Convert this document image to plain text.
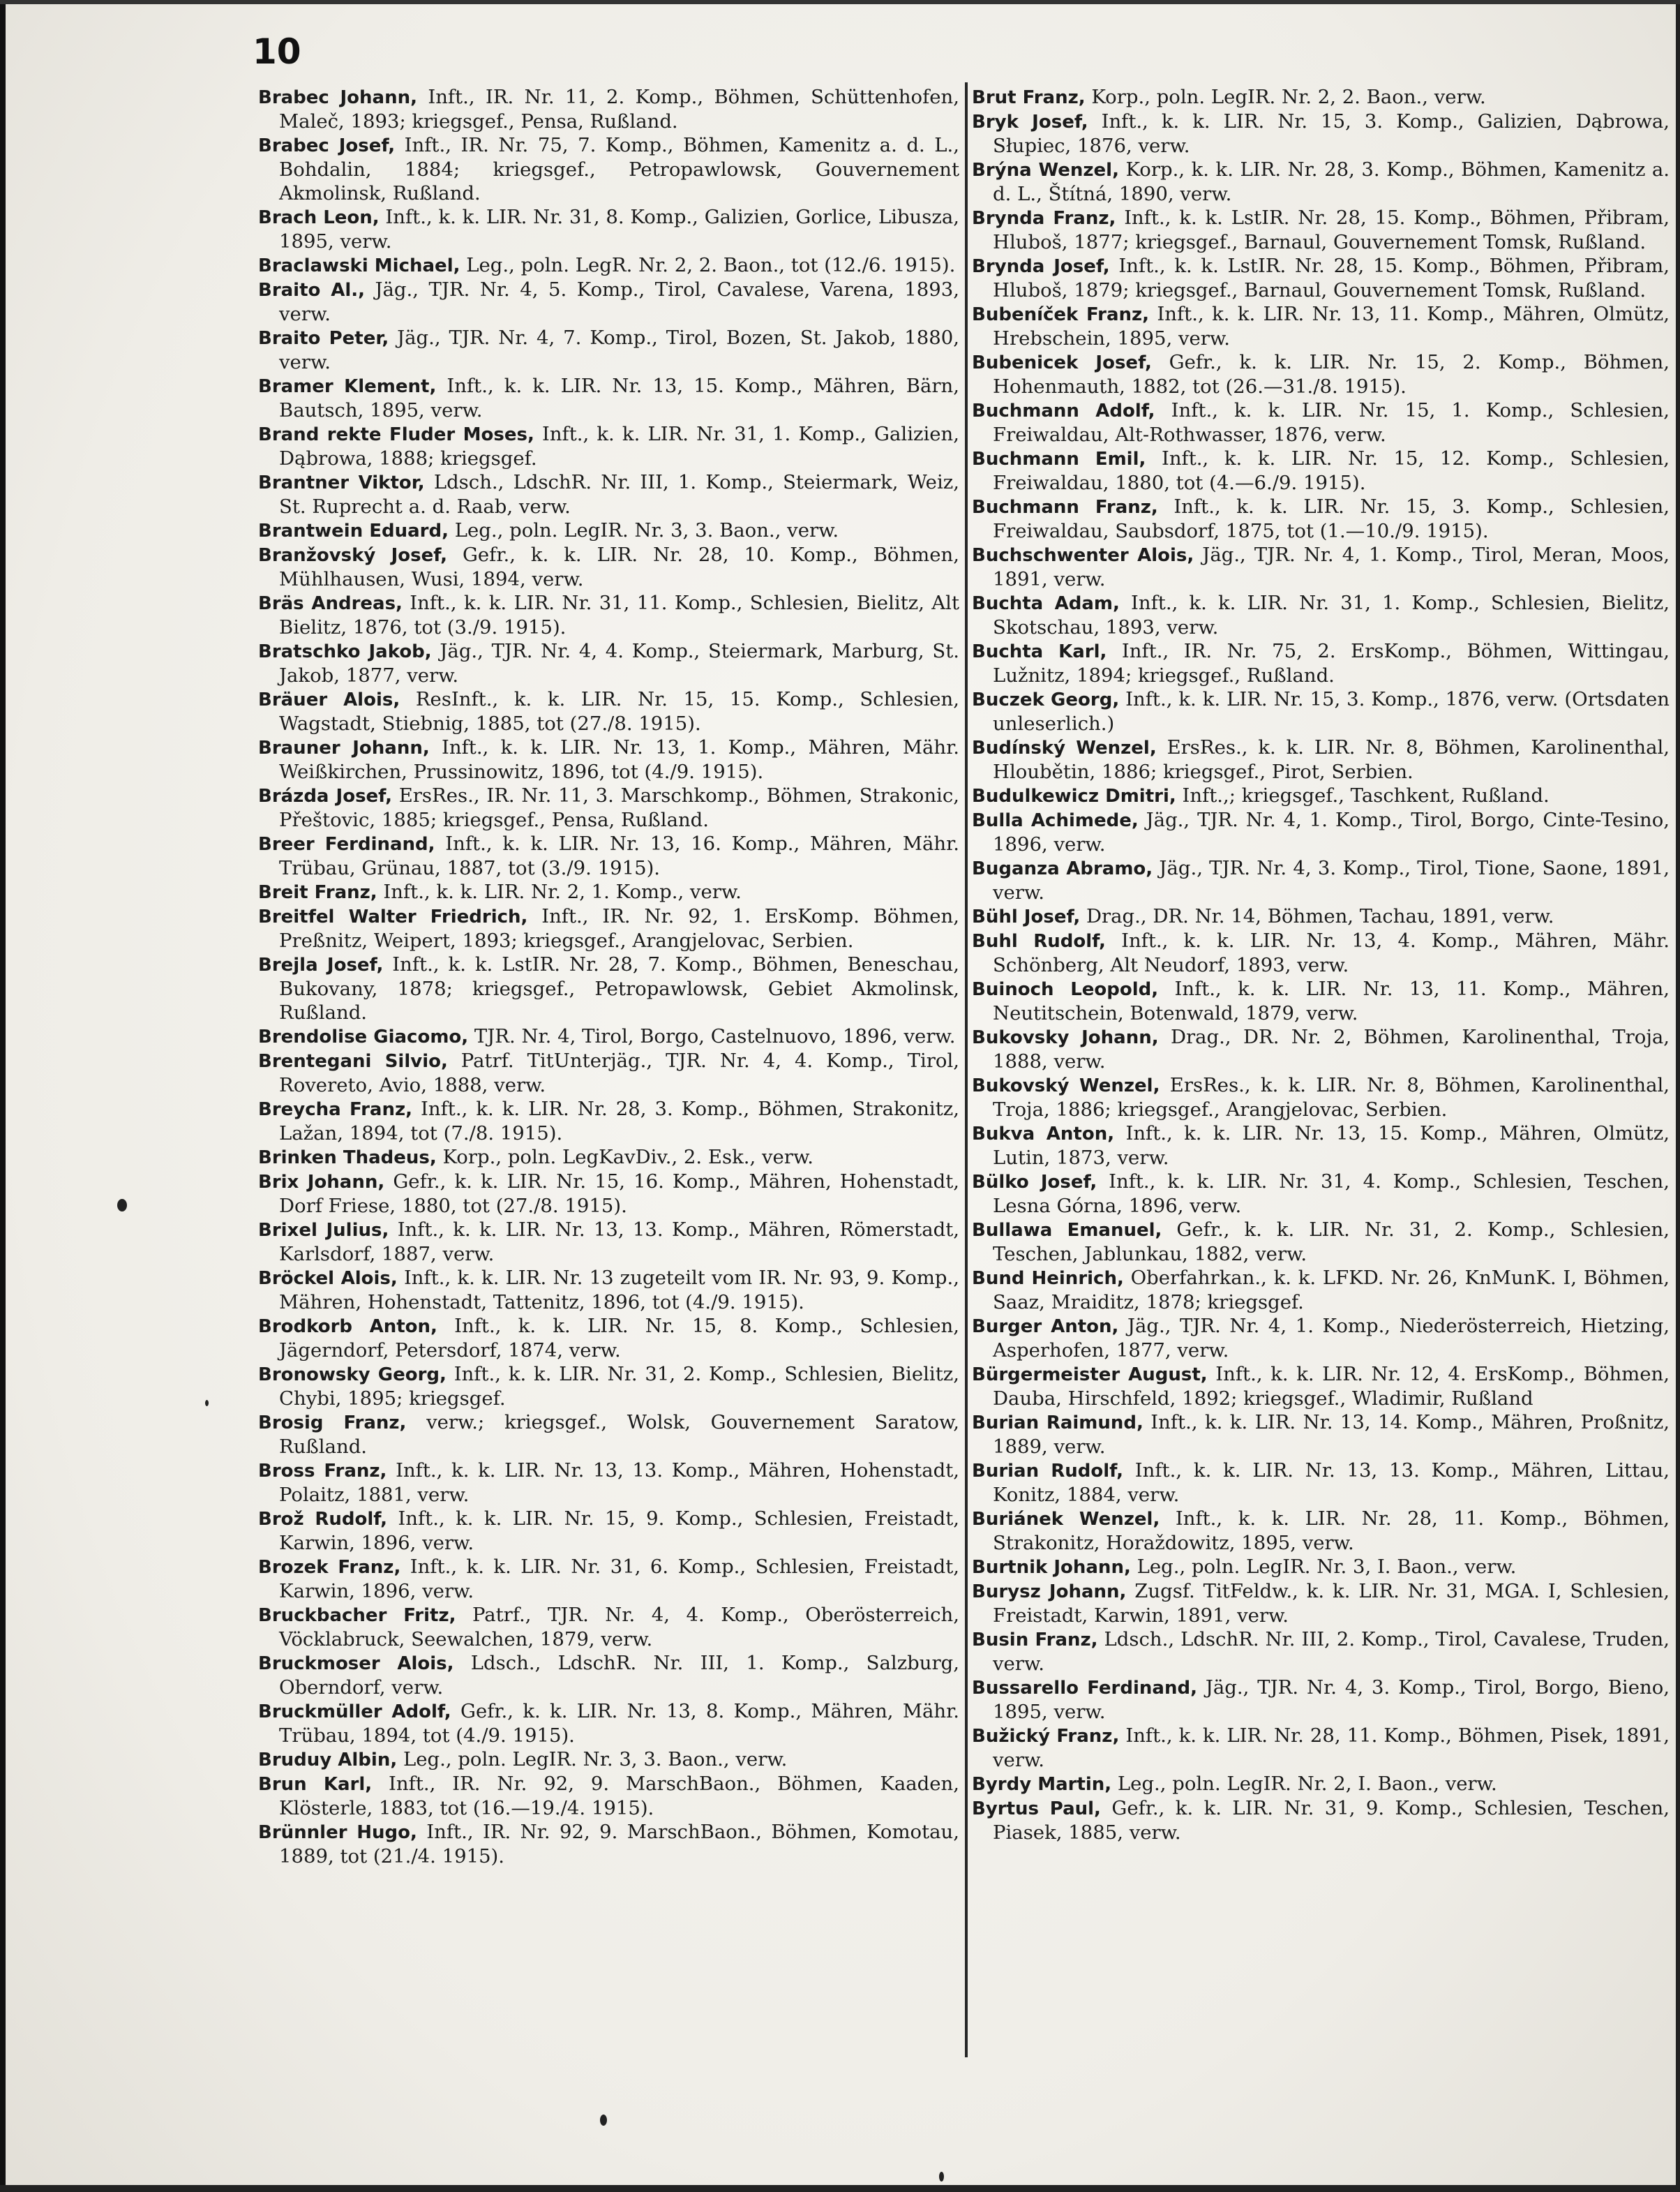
10

Brabec Johann, Inft., IR. Nr. 11, 2. Komp., Böhmen, Schüttenhofen, Maleč, 1893; kriegsgef., Pensa, Rußland.

Brabec Josef, Inft., IR. Nr. 75, 7. Komp., Böhmen, Kamenitz a. d. L., Bohdalin, 1884; kriegsgef., Petropawlowsk, Gouvernement Akmolinsk, Rußland.

Brach Leon, Inft., k. k. LIR. Nr. 31, 8. Komp., Galizien, Gorlice, Libusza, 1895, verw.

Braclawski Michael, Leg., poln. LegR. Nr. 2, 2. Baon., tot (12./6. 1915).

Braito Al., Jäg., TJR. Nr. 4, 5. Komp., Tirol, Cavalese, Varena, 1893, verw.

Braito Peter, Jäg., TJR. Nr. 4, 7. Komp., Tirol, Bozen, St. Jakob, 1880, verw.

Bramer Klement, Inft., k. k. LIR. Nr. 13, 15. Komp., Mähren, Bärn, Bautsch, 1895, verw.

Brand rekte Fluder Moses, Inft., k. k. LIR. Nr. 31, 1. Komp., Galizien, Dąbrowa, 1888; kriegsgef.

Brantner Viktor, Ldsch., LdschR. Nr. III, 1. Komp., Steiermark, Weiz, St. Ruprecht a. d. Raab, verw.

Brantwein Eduard, Leg., poln. LegIR. Nr. 3, 3. Baon., verw.

Branžovský Josef, Gefr., k. k. LIR. Nr. 28, 10. Komp., Böhmen, Mühlhausen, Wusi, 1894, verw.

Bräs Andreas, Inft., k. k. LIR. Nr. 31, 11. Komp., Schlesien, Bielitz, Alt Bielitz, 1876, tot (3./9. 1915).

Bratschko Jakob, Jäg., TJR. Nr. 4, 4. Komp., Steiermark, Marburg, St. Jakob, 1877, verw.

Bräuer Alois, ResInft., k. k. LIR. Nr. 15, 15. Komp., Schlesien, Wagstadt, Stiebnig, 1885, tot (27./8. 1915).

Brauner Johann, Inft., k. k. LIR. Nr. 13, 1. Komp., Mähren, Mähr. Weißkirchen, Prussinowitz, 1896, tot (4./9. 1915).

Brázda Josef, ErsRes., IR. Nr. 11, 3. Marschkomp., Böhmen, Strakonic, Přeštovic, 1885; kriegsgef., Pensa, Rußland.

Breer Ferdinand, Inft., k. k. LIR. Nr. 13, 16. Komp., Mähren, Mähr. Trübau, Grünau, 1887, tot (3./9. 1915).

Breit Franz, Inft., k. k. LIR. Nr. 2, 1. Komp., verw.

Breitfel Walter Friedrich, Inft., IR. Nr. 92, 1. ErsKomp. Böhmen, Preßnitz, Weipert, 1893; kriegsgef., Arangjelovac, Serbien.

Brejla Josef, Inft., k. k. LstIR. Nr. 28, 7. Komp., Böhmen, Beneschau, Bukovany, 1878; kriegsgef., Petropawlowsk, Gebiet Akmolinsk, Rußland.

Brendolise Giacomo, TJR. Nr. 4, Tirol, Borgo, Castelnuovo, 1896, verw.

Brentegani Silvio, Patrf. TitUnterjäg., TJR. Nr. 4, 4. Komp., Tirol, Rovereto, Avio, 1888, verw.

Breycha Franz, Inft., k. k. LIR. Nr. 28, 3. Komp., Böhmen, Strakonitz, Lažan, 1894, tot (7./8. 1915).

Brinken Thadeus, Korp., poln. LegKavDiv., 2. Esk., verw.

Brix Johann, Gefr., k. k. LIR. Nr. 15, 16. Komp., Mähren, Hohenstadt, Dorf Friese, 1880, tot (27./8. 1915).

Brixel Julius, Inft., k. k. LIR. Nr. 13, 13. Komp., Mähren, Römerstadt, Karlsdorf, 1887, verw.

Bröckel Alois, Inft., k. k. LIR. Nr. 13 zugeteilt vom IR. Nr. 93, 9. Komp., Mähren, Hohenstadt, Tattenitz, 1896, tot (4./9. 1915).

Brodkorb Anton, Inft., k. k. LIR. Nr. 15, 8. Komp., Schlesien, Jägerndorf, Petersdorf, 1874, verw.

Bronowsky Georg, Inft., k. k. LIR. Nr. 31, 2. Komp., Schlesien, Bielitz, Chybi, 1895; kriegsgef.

Brosig Franz, verw.; kriegsgef., Wolsk, Gouvernement Saratow, Rußland.

Bross Franz, Inft., k. k. LIR. Nr. 13, 13. Komp., Mähren, Hohenstadt, Polaitz, 1881, verw.

Brož Rudolf, Inft., k. k. LIR. Nr. 15, 9. Komp., Schlesien, Freistadt, Karwin, 1896, verw.

Brozek Franz, Inft., k. k. LIR. Nr. 31, 6. Komp., Schlesien, Freistadt, Karwin, 1896, verw.

Bruckbacher Fritz, Patrf., TJR. Nr. 4, 4. Komp., Oberösterreich, Vöcklabruck, Seewalchen, 1879, verw.

Bruckmoser Alois, Ldsch., LdschR. Nr. III, 1. Komp., Salzburg, Oberndorf, verw.

Bruckmüller Adolf, Gefr., k. k. LIR. Nr. 13, 8. Komp., Mähren, Mähr. Trübau, 1894, tot (4./9. 1915).

Bruduy Albin, Leg., poln. LegIR. Nr. 3, 3. Baon., verw.

Brun Karl, Inft., IR. Nr. 92, 9. MarschBaon., Böhmen, Kaaden, Klösterle, 1883, tot (16.—19./4. 1915).

Brünnler Hugo, Inft., IR. Nr. 92, 9. MarschBaon., Böhmen, Komotau, 1889, tot (21./4. 1915).

Brut Franz, Korp., poln. LegIR. Nr. 2, 2. Baon., verw.

Bryk Josef, Inft., k. k. LIR. Nr. 15, 3. Komp., Galizien, Dąbrowa, Słupiec, 1876, verw.

Brýna Wenzel, Korp., k. k. LIR. Nr. 28, 3. Komp., Böhmen, Kamenitz a. d. L., Štítná, 1890, verw.

Brynda Franz, Inft., k. k. LstIR. Nr. 28, 15. Komp., Böhmen, Přibram, Hluboš, 1877; kriegsgef., Barnaul, Gouvernement Tomsk, Rußland.

Brynda Josef, Inft., k. k. LstIR. Nr. 28, 15. Komp., Böhmen, Přibram, Hluboš, 1879; kriegsgef., Barnaul, Gouvernement Tomsk, Rußland.

Bubeníček Franz, Inft., k. k. LIR. Nr. 13, 11. Komp., Mähren, Olmütz, Hrebschein, 1895, verw.

Bubenicek Josef, Gefr., k. k. LIR. Nr. 15, 2. Komp., Böhmen, Hohenmauth, 1882, tot (26.—31./8. 1915).

Buchmann Adolf, Inft., k. k. LIR. Nr. 15, 1. Komp., Schlesien, Freiwaldau, Alt-Rothwasser, 1876, verw.

Buchmann Emil, Inft., k. k. LIR. Nr. 15, 12. Komp., Schlesien, Freiwaldau, 1880, tot (4.—6./9. 1915).

Buchmann Franz, Inft., k. k. LIR. Nr. 15, 3. Komp., Schlesien, Freiwaldau, Saubsdorf, 1875, tot (1.—10./9. 1915).

Buchschwenter Alois, Jäg., TJR. Nr. 4, 1. Komp., Tirol, Meran, Moos, 1891, verw.

Buchta Adam, Inft., k. k. LIR. Nr. 31, 1. Komp., Schlesien, Bielitz, Skotschau, 1893, verw.

Buchta Karl, Inft., IR. Nr. 75, 2. ErsKomp., Böhmen, Wittingau, Lužnitz, 1894; kriegsgef., Rußland.

Buczek Georg, Inft., k. k. LIR. Nr. 15, 3. Komp., 1876, verw. (Ortsdaten unleserlich.)

Budínský Wenzel, ErsRes., k. k. LIR. Nr. 8, Böhmen, Karolinenthal, Hloubětin, 1886; kriegsgef., Pirot, Serbien.

Budulkewicz Dmitri, Inft.,; kriegsgef., Taschkent, Rußland.

Bulla Achimede, Jäg., TJR. Nr. 4, 1. Komp., Tirol, Borgo, Cinte-Tesino, 1896, verw.

Buganza Abramo, Jäg., TJR. Nr. 4, 3. Komp., Tirol, Tione, Saone, 1891, verw.

Bühl Josef, Drag., DR. Nr. 14, Böhmen, Tachau, 1891, verw.

Buhl Rudolf, Inft., k. k. LIR. Nr. 13, 4. Komp., Mähren, Mähr. Schönberg, Alt Neudorf, 1893, verw.

Buinoch Leopold, Inft., k. k. LIR. Nr. 13, 11. Komp., Mähren, Neutitschein, Botenwald, 1879, verw.

Bukovsky Johann, Drag., DR. Nr. 2, Böhmen, Karolinenthal, Troja, 1888, verw.

Bukovský Wenzel, ErsRes., k. k. LIR. Nr. 8, Böhmen, Karolinenthal, Troja, 1886; kriegsgef., Arangjelovac, Serbien.

Bukva Anton, Inft., k. k. LIR. Nr. 13, 15. Komp., Mähren, Olmütz, Lutin, 1873, verw.

Bülko Josef, Inft., k. k. LIR. Nr. 31, 4. Komp., Schlesien, Teschen, Lesna Górna, 1896, verw.

Bullawa Emanuel, Gefr., k. k. LIR. Nr. 31, 2. Komp., Schlesien, Teschen, Jablunkau, 1882, verw.

Bund Heinrich, Oberfahrkan., k. k. LFKD. Nr. 26, KnMunK. I, Böhmen, Saaz, Mraiditz, 1878; kriegsgef.

Burger Anton, Jäg., TJR. Nr. 4, 1. Komp., Niederösterreich, Hietzing, Asperhofen, 1877, verw.

Bürgermeister August, Inft., k. k. LIR. Nr. 12, 4. ErsKomp., Böhmen, Dauba, Hirschfeld, 1892; kriegsgef., Wladimir, Rußland

Burian Raimund, Inft., k. k. LIR. Nr. 13, 14. Komp., Mähren, Proßnitz, 1889, verw.

Burian Rudolf, Inft., k. k. LIR. Nr. 13, 13. Komp., Mähren, Littau, Konitz, 1884, verw.

Buriánek Wenzel, Inft., k. k. LIR. Nr. 28, 11. Komp., Böhmen, Strakonitz, Horaždowitz, 1895, verw.

Burtnik Johann, Leg., poln. LegIR. Nr. 3, I. Baon., verw.

Burysz Johann, Zugsf. TitFeldw., k. k. LIR. Nr. 31, MGA. I, Schlesien, Freistadt, Karwin, 1891, verw.

Busin Franz, Ldsch., LdschR. Nr. III, 2. Komp., Tirol, Cavalese, Truden, verw.

Bussarello Ferdinand, Jäg., TJR. Nr. 4, 3. Komp., Tirol, Borgo, Bieno, 1895, verw.

Bužický Franz, Inft., k. k. LIR. Nr. 28, 11. Komp., Böhmen, Pisek, 1891, verw.

Byrdy Martin, Leg., poln. LegIR. Nr. 2, I. Baon., verw.

Byrtus Paul, Gefr., k. k. LIR. Nr. 31, 9. Komp., Schlesien, Teschen, Piasek, 1885, verw.
